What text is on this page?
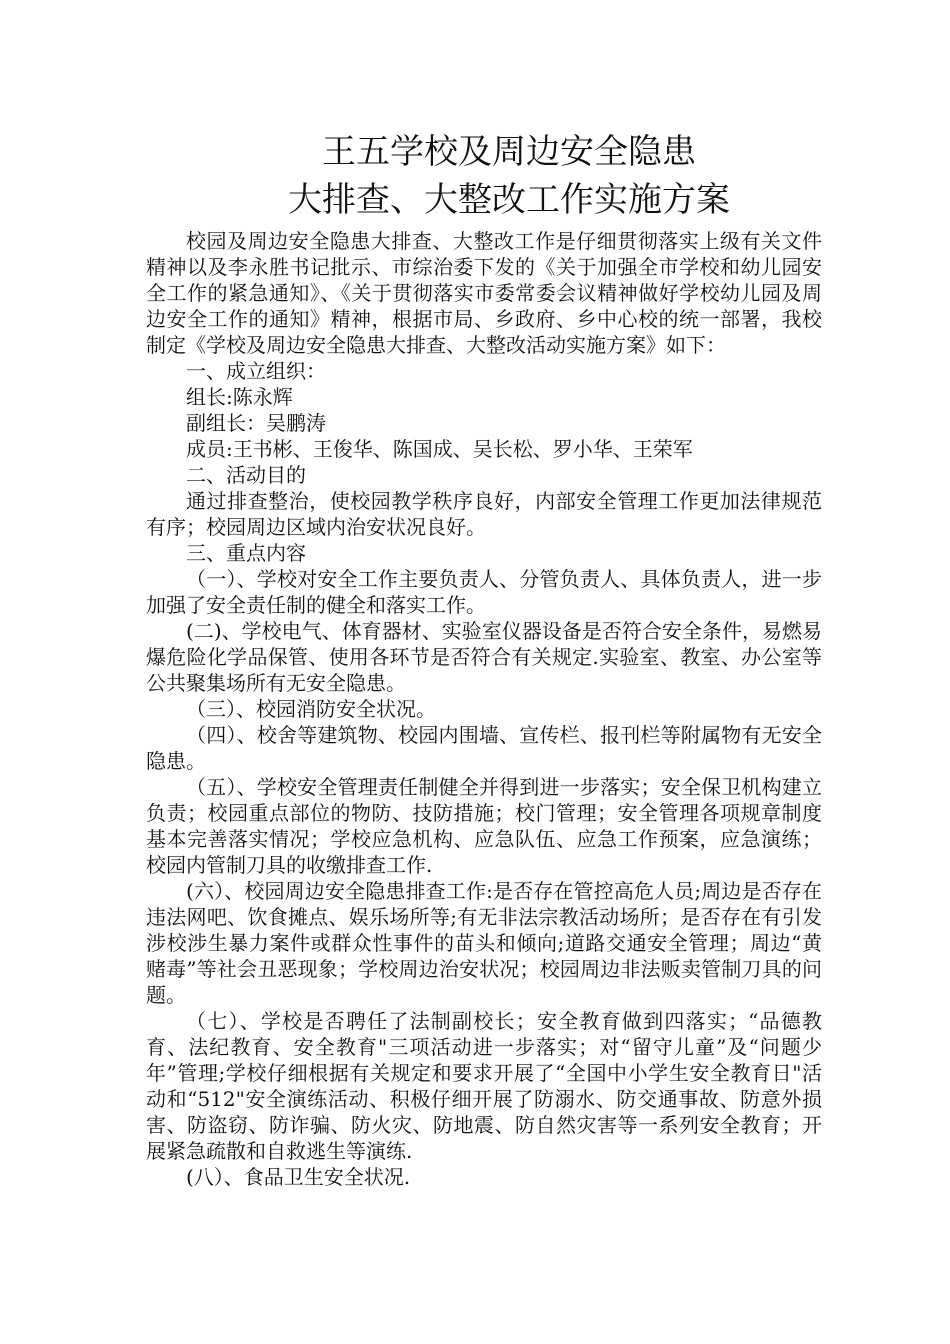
王五学校及周边安全隐患
大排查、大整改工作实施方案

校园及周边安全隐患大排查、大整改工作是仔细贯彻落实上级有关文件精神以及李永胜书记批示、市综治委下发的《关于加强全市学校和幼儿园安全工作的紧急通知》、《关于贯彻落实市委常委会议精神做好学校幼儿园及周边安全工作的通知》精神，根据市局、乡政府、乡中心校的统一部署，我校制定《学校及周边安全隐患大排查、大整改活动实施方案》如下：

一、成立组织：

组长:陈永辉

副组长：吴鹏涛

成员:王书彬、王俊华、陈国成、吴长松、罗小华、王荣军

二、活动目的

通过排查整治，使校园教学秩序良好，内部安全管理工作更加法律规范有序；校园周边区域内治安状况良好。

三、重点内容

（一）、学校对安全工作主要负责人、分管负责人、具体负责人，进一步加强了安全责任制的健全和落实工作。

(二)、学校电气、体育器材、实验室仪器设备是否符合安全条件，易燃易爆危险化学品保管、使用各环节是否符合有关规定.实验室、教室、办公室等公共聚集场所有无安全隐患。

（三）、校园消防安全状况。

（四）、校舍等建筑物、校园内围墙、宣传栏、报刊栏等附属物有无安全隐患。

（五）、学校安全管理责任制健全并得到进一步落实；安全保卫机构建立负责；校园重点部位的物防、技防措施；校门管理；安全管理各项规章制度基本完善落实情况；学校应急机构、应急队伍、应急工作预案，应急演练；校园内管制刀具的收缴排查工作.

(六）、校园周边安全隐患排查工作:是否存在管控高危人员;周边是否存在违法网吧、饮食摊点、娱乐场所等;有无非法宗教活动场所；是否存在有引发涉校涉生暴力案件或群众性事件的苗头和倾向;道路交通安全管理；周边“黄赌毒”等社会丑恶现象；学校周边治安状况；校园周边非法贩卖管制刀具的问题。

（七）、学校是否聘任了法制副校长；安全教育做到四落实；“品德教育、法纪教育、安全教育"三项活动进一步落实；对“留守儿童”及“问题少年”管理;学校仔细根据有关规定和要求开展了“全国中小学生安全教育日"活动和“512"安全演练活动、积极仔细开展了防溺水、防交通事故、防意外损害、防盗窃、防诈骗、防火灾、防地震、防自然灾害等一系列安全教育；开展紧急疏散和自救逃生等演练.

(八）、食品卫生安全状况.
